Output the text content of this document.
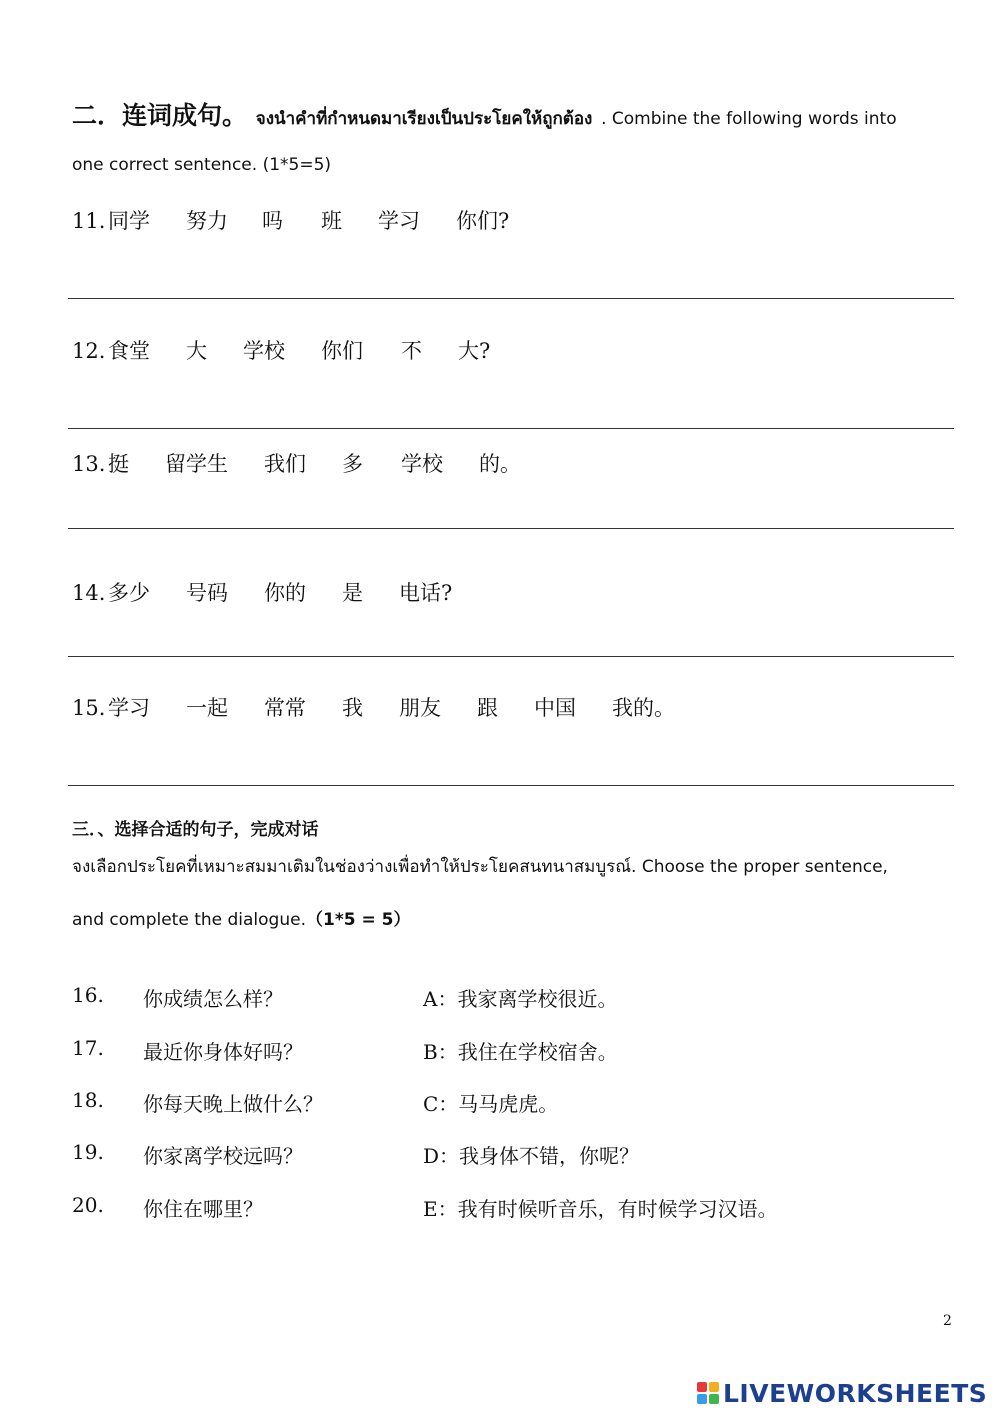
二．连词成句。 จงนำคำที่กำหนดมาเรียงเป็นประโยคให้ถูกต้อง . Combine the following words into
one correct sentence. (1*5=5)
11. 同学 努力 吗 班 学习 你们?
12. 食堂 大 学校 你们 不 大?
13. 挺 留学生 我们 多 学校 的。
14. 多少 号码 你的 是 电话?
15. 学习 一起 常常 我 朋友 跟 中国 我的。
三．、选择合适的句子，完成对话
จงเลือกประโยคที่เหมาะสมมาเติมในช่องว่างเพื่อทำให้ประโยคสนทนาสมบูรณ์. Choose the proper sentence,
and complete the dialogue.（1*5 = 5）
16. 你成绩怎么样？	A：我家离学校很近。
17. 最近你身体好吗？	B：我住在学校宿舍。
18. 你每天晚上做什么？	C：马马虎虎。
19. 你家离学校远吗？	D：我身体不错，你呢？
20. 你住在哪里？	E：我有时候听音乐，有时候学习汉语。
2
LIVEWORKSHEETS
